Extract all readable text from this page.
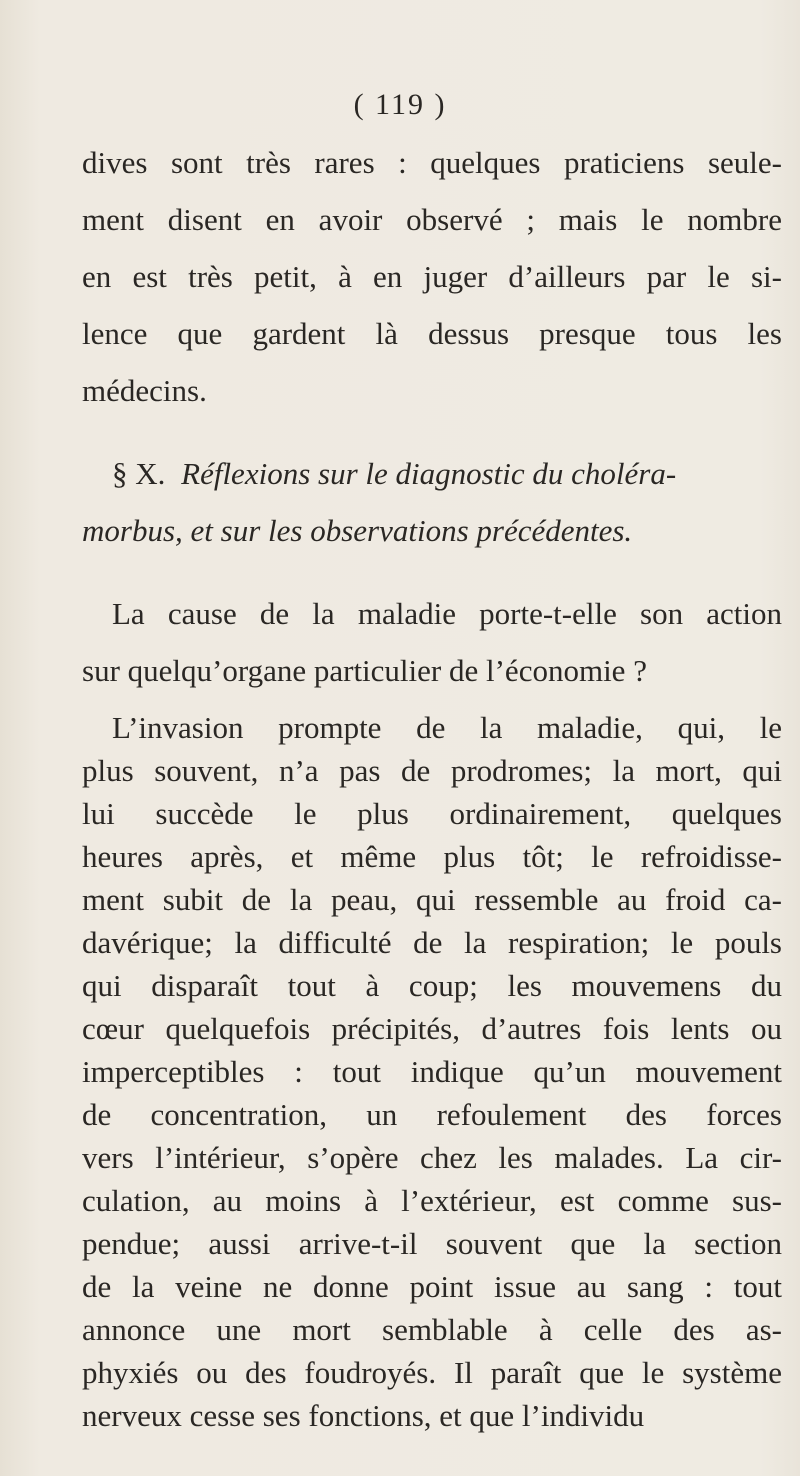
( 119 )
dives sont très rares : quelques praticiens seule-
ment disent en avoir observé ; mais le nombre
en est très petit, à en juger d’ailleurs par le si-
lence que gardent là dessus presque tous les
médecins.
§ X. Réflexions sur le diagnostic du choléra-
morbus, et sur les observations précédentes.
La cause de la maladie porte-t-elle son action
sur quelqu’organe particulier de l’économie ?
L’invasion prompte de la maladie, qui, le
plus souvent, n’a pas de prodromes; la mort, qui
lui succède le plus ordinairement, quelques
heures après, et même plus tôt; le refroidisse-
ment subit de la peau, qui ressemble au froid ca-
davérique; la difficulté de la respiration; le pouls
qui disparaît tout à coup; les mouvemens du
cœur quelquefois précipités, d’autres fois lents ou
imperceptibles : tout indique qu’un mouvement
de concentration, un refoulement des forces
vers l’intérieur, s’opère chez les malades. La cir-
culation, au moins à l’extérieur, est comme sus-
pendue; aussi arrive-t-il souvent que la section
de la veine ne donne point issue au sang : tout
annonce une mort semblable à celle des as-
phyxiés ou des foudroyés. Il paraît que le système
nerveux cesse ses fonctions, et que l’individu
